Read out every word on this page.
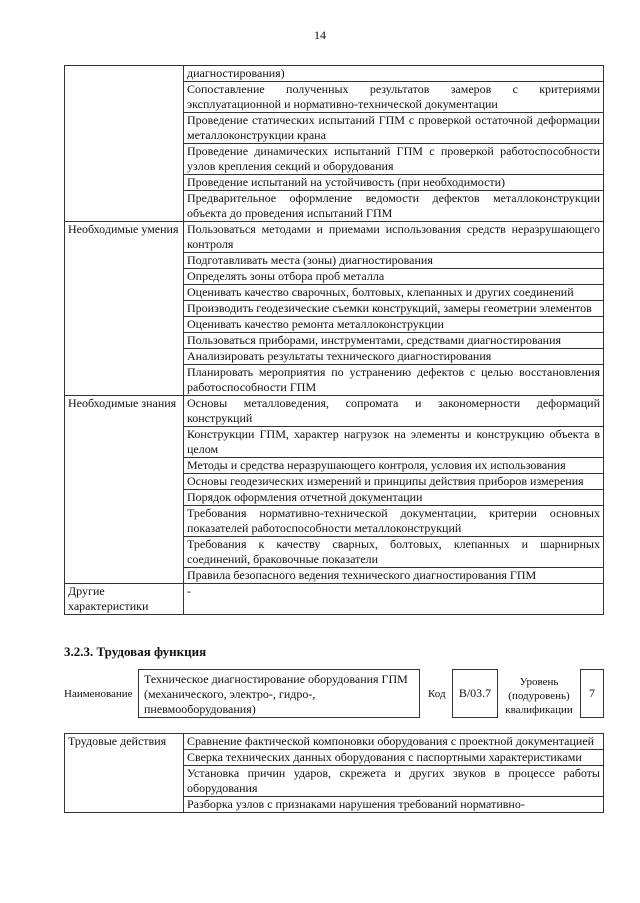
14
	диагностирования)
	Сопоставление полученных результатов замеров с критериями эксплуатационной и нормативно-технической документации
	Проведение статических испытаний ГПМ с проверкой остаточной деформации металлоконструкции крана
	Проведение динамических испытаний ГПМ с проверкой работоспособности узлов крепления секций и оборудования
	Проведение испытаний на устойчивость (при необходимости)
	Предварительное оформление ведомости дефектов металлоконструкции объекта до проведения испытаний ГПМ
Необходимые умения	Пользоваться методами и приемами использования средств неразрушающего контроля
	Подготавливать места (зоны) диагностирования
	Определять зоны отбора проб металла
	Оценивать качество сварочных, болтовых, клепанных и других соединений
	Производить геодезические съемки конструкций, замеры геометрии элементов
	Оценивать качество ремонта металлоконструкции
	Пользоваться приборами, инструментами, средствами диагностирования
	Анализировать результаты технического диагностирования
	Планировать мероприятия по устранению дефектов с целью восстановления работоспособности ГПМ
Необходимые знания	Основы металловедения, сопромата и закономерности деформаций конструкций
	Конструкции ГПМ, характер нагрузок на элементы и конструкцию объекта в целом
	Методы и средства неразрушающего контроля, условия их использования
	Основы геодезических измерений и принципы действия приборов измерения
	Порядок оформления отчетной документации
	Требования нормативно-технической документации, критерии основных показателей работоспособности металлоконструкций
	Требования к качеству сварных, болтовых, клепанных и шарнирных соединений, браковочные показатели
	Правила безопасного ведения технического диагностирования ГПМ
Другие характеристики	-
3.2.3. Трудовая функция
Наименование
Техническое диагностирование оборудования ГПМ (механического, электро-, гидро-, пневмооборудования)
Код	В/03.7
Уровень (подуровень) квалификации
7
Трудовые действия	Сравнение фактической компоновки оборудования с проектной документацией
Сверка технических данных оборудования с паспортными характеристиками
Установка причин ударов, скрежета и других звуков в процессе работы оборудования
Разборка узлов с признаками нарушения требований нормативно-
